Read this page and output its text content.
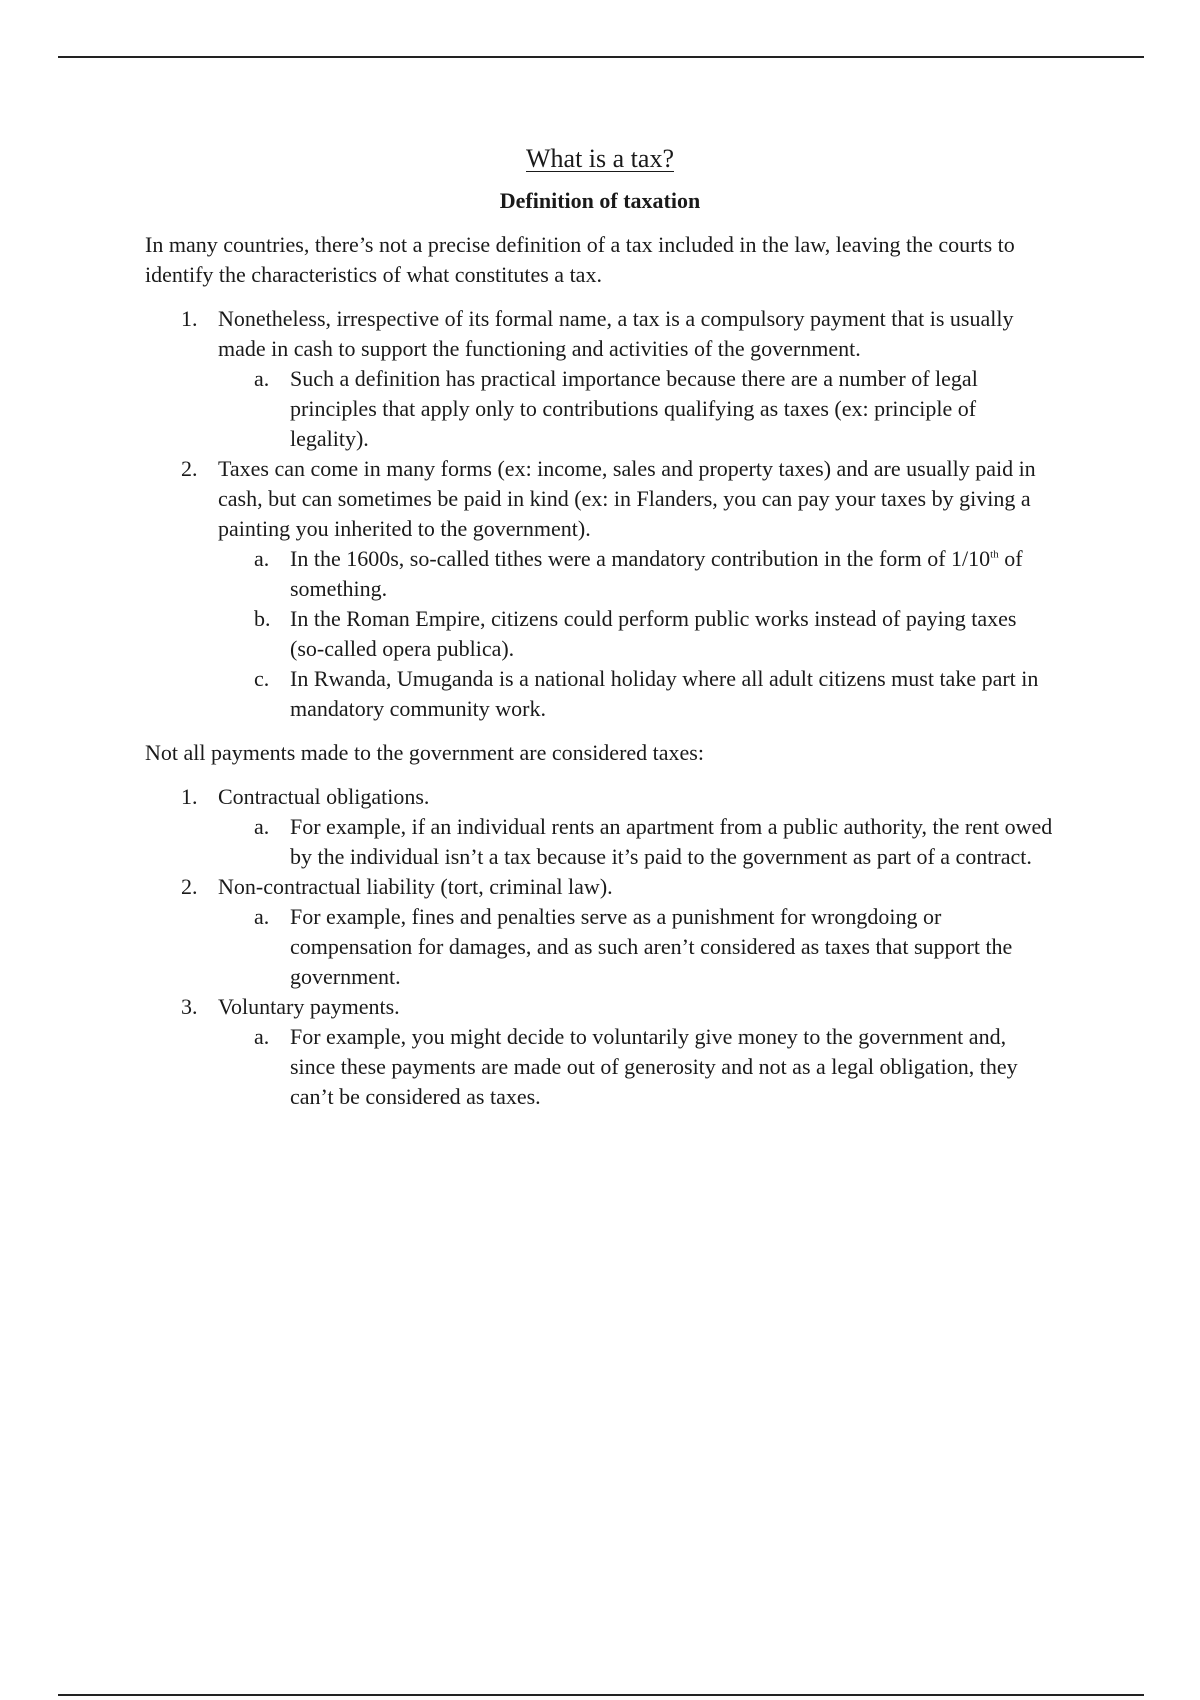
What is a tax?
Definition of taxation

In many countries, there’s not a precise definition of a tax included in the law, leaving the courts to identify the characteristics of what constitutes a tax.

1. Nonetheless, irrespective of its formal name, a tax is a compulsory payment that is usually made in cash to support the functioning and activities of the government.
a. Such a definition has practical importance because there are a number of legal principles that apply only to contributions qualifying as taxes (ex: principle of legality).
2. Taxes can come in many forms (ex: income, sales and property taxes) and are usually paid in cash, but can sometimes be paid in kind (ex: in Flanders, you can pay your taxes by giving a painting you inherited to the government).
a. In the 1600s, so-called tithes were a mandatory contribution in the form of 1/10th of something.
b. In the Roman Empire, citizens could perform public works instead of paying taxes (so-called opera publica).
c. In Rwanda, Umuganda is a national holiday where all adult citizens must take part in mandatory community work.

Not all payments made to the government are considered taxes:

1. Contractual obligations.
a. For example, if an individual rents an apartment from a public authority, the rent owed by the individual isn’t a tax because it’s paid to the government as part of a contract.
2. Non-contractual liability (tort, criminal law).
a. For example, fines and penalties serve as a punishment for wrongdoing or compensation for damages, and as such aren’t considered as taxes that support the government.
3. Voluntary payments.
a. For example, you might decide to voluntarily give money to the government and, since these payments are made out of generosity and not as a legal obligation, they can’t be considered as taxes.
